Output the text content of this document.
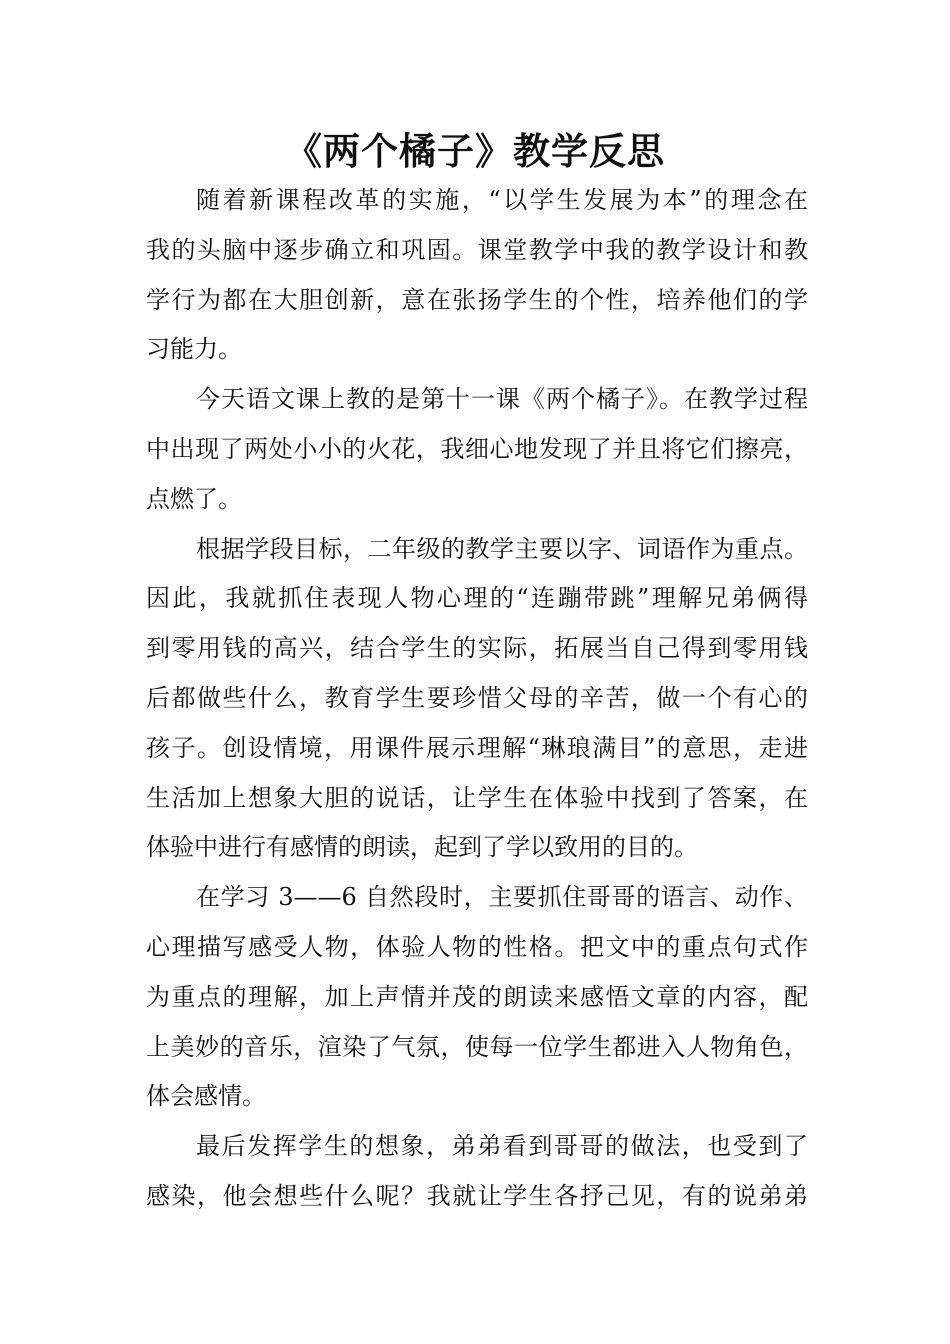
《两个橘子》教学反思
随着新课程改革的实施，“以学生发展为本”的理念在
我的头脑中逐步确立和巩固。课堂教学中我的教学设计和教
学行为都在大胆创新，意在张扬学生的个性，培养他们的学
习能力。
今天语文课上教的是第十一课《两个橘子》。在教学过程
中出现了两处小小的火花，我细心地发现了并且将它们擦亮，
点燃了。
根据学段目标，二年级的教学主要以字、词语作为重点。
因此，我就抓住表现人物心理的“连蹦带跳”理解兄弟俩得
到零用钱的高兴，结合学生的实际，拓展当自己得到零用钱
后都做些什么，教育学生要珍惜父母的辛苦，做一个有心的
孩子。创设情境，用课件展示理解“琳琅满目”的意思，走进
生活加上想象大胆的说话，让学生在体验中找到了答案，在
体验中进行有感情的朗读，起到了学以致用的目的。
在学习 3——6 自然段时，主要抓住哥哥的语言、动作、
心理描写感受人物，体验人物的性格。把文中的重点句式作
为重点的理解，加上声情并茂的朗读来感悟文章的内容，配
上美妙的音乐，渲染了气氛，使每一位学生都进入人物角色，
体会感情。
最后发挥学生的想象，弟弟看到哥哥的做法，也受到了
感染，他会想些什么呢？我就让学生各抒己见，有的说弟弟
